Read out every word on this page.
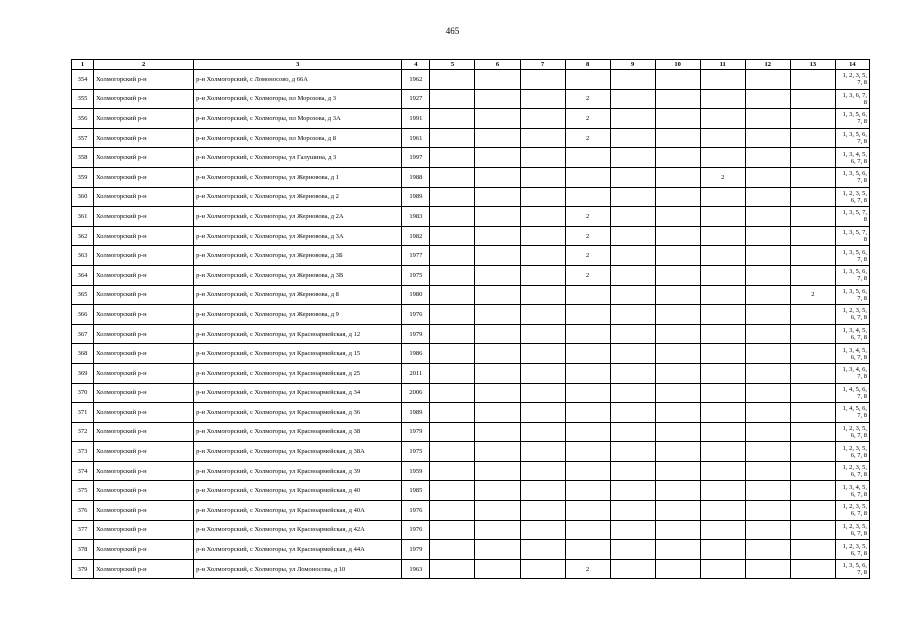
465
1	2	3	4	5	6	7	8	9	10	11	12	13	14
354	Холмогорский р-н	р-н Холмогорский, с Ломоносово, д 66А	1962										1, 2, 3, 5, 7, 8
355	Холмогорский р-н	р-н Холмогорский, с Холмогоры, пл Морозова, д 3	1927				2						1, 3, 6, 7, 8
356	Холмогорский р-н	р-н Холмогорский, с Холмогоры, пл Морозова, д 3А	1991				2						1, 3, 5, 6, 7, 8
357	Холмогорский р-н	р-н Холмогорский, с Холмогоры, пл Морозова, д 8	1961				2						1, 3, 5, 6, 7, 8
358	Холмогорский р-н	р-н Холмогорский, с Холмогоры, ул Галушина, д 3	1997										1, 3, 4, 5, 6, 7, 8
359	Холмогорский р-н	р-н Холмогорский, с Холмогоры, ул Жерновова, д 1	1988							2			1, 3, 5, 6, 7, 8
360	Холмогорский р-н	р-н Холмогорский, с Холмогоры, ул Жерновова, д 2	1989										1, 2, 3, 5, 6, 7, 8
361	Холмогорский р-н	р-н Холмогорский, с Холмогоры, ул Жерновова, д 2А	1983				2						1, 3, 5, 7, 8
362	Холмогорский р-н	р-н Холмогорский, с Холмогоры, ул Жерновова, д 3А	1982				2						1, 3, 5, 7, 8
363	Холмогорский р-н	р-н Холмогорский, с Холмогоры, ул Жерновова, д 3Б	1977				2						1, 3, 5, 6, 7, 8
364	Холмогорский р-н	р-н Холмогорский, с Холмогоры, ул Жерновова, д 3В	1975				2						1, 3, 5, 6, 7, 8
365	Холмогорский р-н	р-н Холмогорский, с Холмогоры, ул Жерновова, д 8	1980									2	1, 3, 5, 6, 7, 8
366	Холмогорский р-н	р-н Холмогорский, с Холмогоры, ул Жерновова, д 9	1976										1, 2, 3, 5, 6, 7, 8
367	Холмогорский р-н	р-н Холмогорский, с Холмогоры, ул Красноармейская, д 12	1979										1, 3, 4, 5, 6, 7, 8
368	Холмогорский р-н	р-н Холмогорский, с Холмогоры, ул Красноармейская, д 15	1986										1, 3, 4, 5, 6, 7, 8
369	Холмогорский р-н	р-н Холмогорский, с Холмогоры, ул Красноармейская, д 25	2011										1, 3, 4, 6, 7, 8
370	Холмогорский р-н	р-н Холмогорский, с Холмогоры, ул Красноармейская, д 34	2006										1, 4, 5, 6, 7, 8
371	Холмогорский р-н	р-н Холмогорский, с Холмогоры, ул Красноармейская, д 36	1989										1, 4, 5, 6, 7, 8
372	Холмогорский р-н	р-н Холмогорский, с Холмогоры, ул Красноармейская, д 38	1979										1, 2, 3, 5, 6, 7, 8
373	Холмогорский р-н	р-н Холмогорский, с Холмогоры, ул Красноармейская, д 38А	1975										1, 2, 3, 5, 6, 7, 8
374	Холмогорский р-н	р-н Холмогорский, с Холмогоры, ул Красноармейская, д 39	1959										1, 2, 3, 5, 6, 7, 8
375	Холмогорский р-н	р-н Холмогорский, с Холмогоры, ул Красноармейская, д 40	1985										1, 3, 4, 5, 6, 7, 8
376	Холмогорский р-н	р-н Холмогорский, с Холмогоры, ул Красноармейская, д 40А	1976										1, 2, 3, 5, 6, 7, 8
377	Холмогорский р-н	р-н Холмогорский, с Холмогоры, ул Красноармейская, д 42А	1976										1, 2, 3, 5, 6, 7, 8
378	Холмогорский р-н	р-н Холмогорский, с Холмогоры, ул Красноармейская, д 44А	1979										1, 2, 3, 5, 6, 7, 8
379	Холмогорский р-н	р-н Холмогорский, с Холмогоры, ул Ломоносова, д 10	1963				2						1, 3, 5, 6, 7, 8
